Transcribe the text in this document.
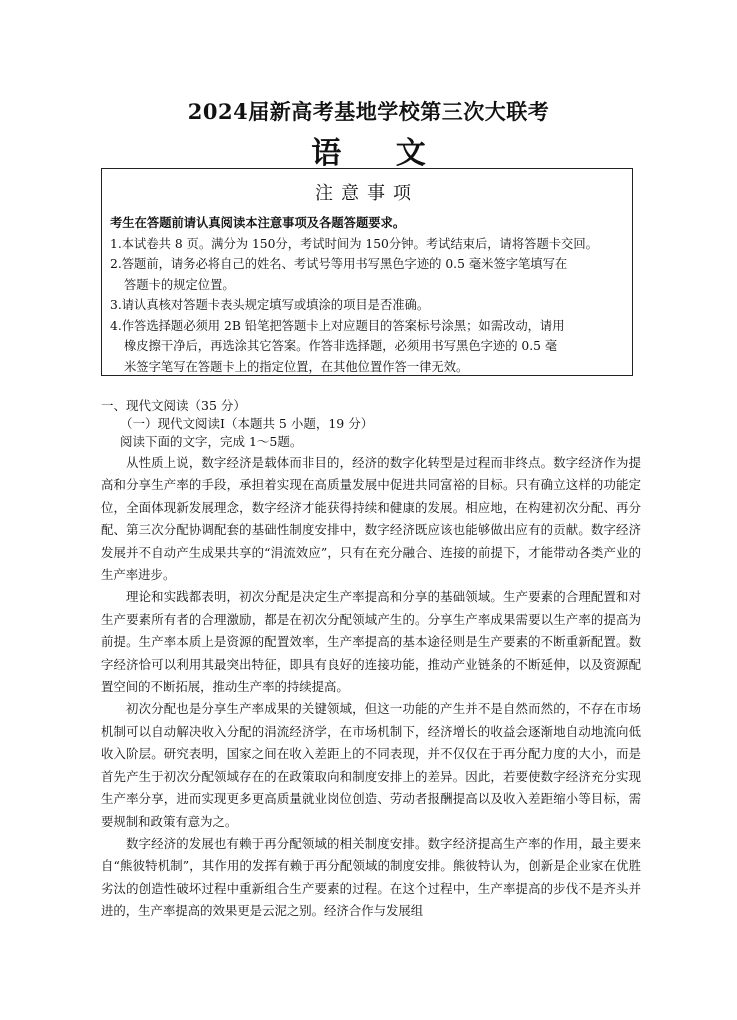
2024届新高考基地学校第三次大联考
语 文
注意事项
考生在答题前请认真阅读本注意事项及各题答题要求。
1.本试卷共 8 页。满分为 150分，考试时间为 150分钟。考试结束后，请将答题卡交回。
2.答题前，请务必将自己的姓名、考试号等用书写黑色字迹的 0.5 毫米签字笔填写在
答题卡的规定位置。
3.请认真核对答题卡表头规定填写或填涂的项目是否准确。
4.作答选择题必须用 2B 铅笔把答题卡上对应题目的答案标号涂黑；如需改动，请用
橡皮擦干净后，再选涂其它答案。作答非选择题，必须用书写黑色字迹的 0.5 毫
米签字笔写在答题卡上的指定位置，在其他位置作答一律无效。
一、现代文阅读（35 分）
（一）现代文阅读Ⅰ（本题共 5 小题，19 分）
阅读下面的文字，完成 1～5题。

从性质上说，数字经济是载体而非目的，经济的数字化转型是过程而非终点。数字经济作为提高和分享生产率的手段，承担着实现在高质量发展中促进共同富裕的目标。只有确立这样的功能定位，全面体现新发展理念，数字经济才能获得持续和健康的发展。相应地，在构建初次分配、再分配、第三次分配协调配套的基础性制度安排中，数字经济既应该也能够做出应有的贡献。数字经济发展并不自动产生成果共享的“涓流效应”，只有在充分融合、连接的前提下，才能带动各类产业的生产率进步。

理论和实践都表明，初次分配是决定生产率提高和分享的基础领域。生产要素的合理配置和对生产要素所有者的合理激励，都是在初次分配领域产生的。分享生产率成果需要以生产率的提高为前提。生产率本质上是资源的配置效率，生产率提高的基本途径则是生产要素的不断重新配置。数字经济恰可以利用其最突出特征，即具有良好的连接功能，推动产业链条的不断延伸，以及资源配置空间的不断拓展，推动生产率的持续提高。

初次分配也是分享生产率成果的关键领域，但这一功能的产生并不是自然而然的，不存在市场机制可以自动解决收入分配的涓流经济学，在市场机制下，经济增长的收益会逐渐地自动地流向低收入阶层。研究表明，国家之间在收入差距上的不同表现，并不仅仅在于再分配力度的大小，而是首先产生于初次分配领域存在的在政策取向和制度安排上的差异。因此，若要使数字经济充分实现生产率分享，进而实现更多更高质量就业岗位创造、劳动者报酬提高以及收入差距缩小等目标，需要规制和政策有意为之。

数字经济的发展也有赖于再分配领域的相关制度安排。数字经济提高生产率的作用，最主要来自“熊彼特机制”，其作用的发挥有赖于再分配领域的制度安排。熊彼特认为，创新是企业家在优胜劣汰的创造性破坏过程中重新组合生产要素的过程。在这个过程中，生产率提高的步伐不是齐头并进的，生产率提高的效果更是云泥之别。经济合作与发展组
